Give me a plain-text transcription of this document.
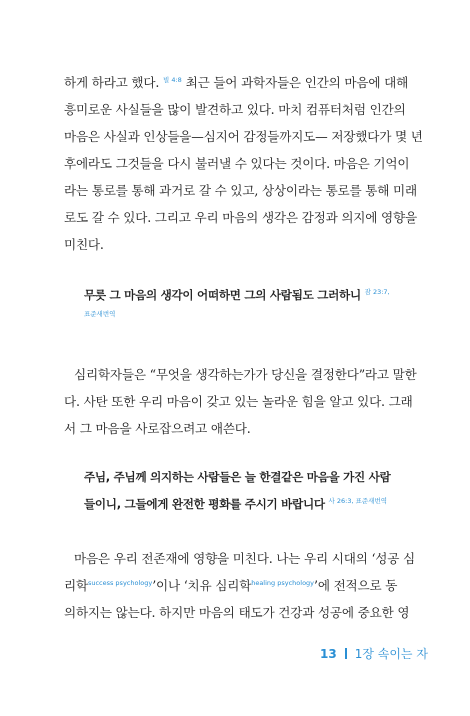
하게 하라고 했다. $^{빌 4:8}$ 최근 들어 과학자들은 인간의 마음에 대해
흥미로운 사실들을 많이 발견하고 있다. 마치 컴퓨터처럼 인간의
마음은 사실과 인상들을—심지어 감정들까지도— 저장했다가 몇 년
후에라도 그것들을 다시 불러낼 수 있다는 것이다. 마음은 기억이
라는 통로를 통해 과거로 갈 수 있고, 상상이라는 통로를 통해 미래
로도 갈 수 있다. 그리고 우리 마음의 생각은 감정과 의지에 영향을
미친다.
무릇 그 마음의 생각이 어떠하면 그의 사람됨도 그러하니 $^{잠 23:7,}$
표준새번역
심리학자들은 “무엇을 생각하는가가 당신을 결정한다”라고 말한
다. 사탄 또한 우리 마음이 갖고 있는 놀라운 힘을 알고 있다. 그래
서 그 마음을 사로잡으려고 애쓴다.
주님, 주님께 의지하는 사람들은 늘 한결같은 마음을 가진 사람
들이니, 그들에게 완전한 평화를 주시기 바랍니다 $^{사 26:3, 표준새번역}$
마음은 우리 전존재에 영향을 미친다. 나는 우리 시대의 ‘성공 심
리학$^{success psychology}$’이나 ‘치유 심리학$^{healing psychology}$’에 전적으로 동
의하지는 않는다. 하지만 마음의 태도가 건강과 성공에 중요한 영
13 1장 속이는 자
